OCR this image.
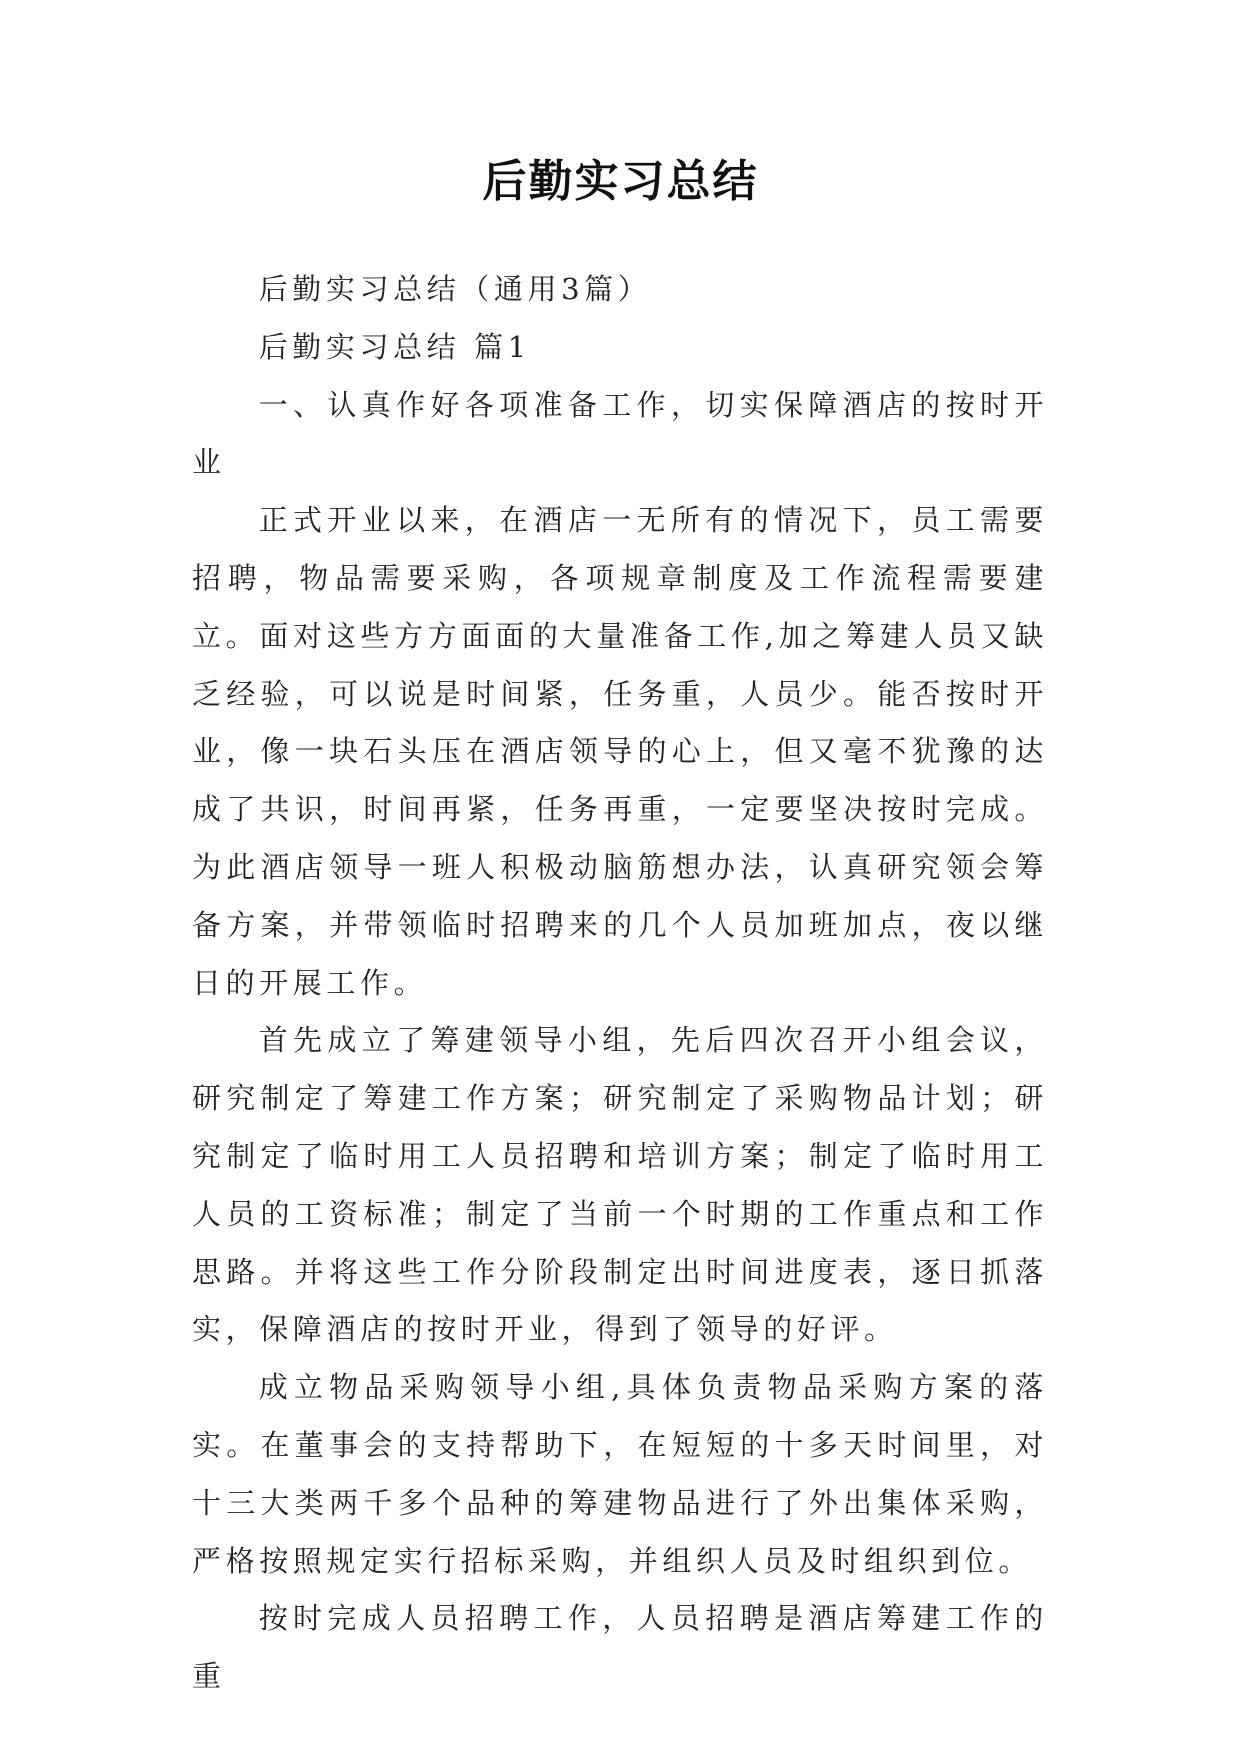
后勤实习总结

后勤实习总结（通用3篇）

后勤实习总结 篇1

一、认真作好各项准备工作，切实保障酒店的按时开业

正式开业以来，在酒店一无所有的情况下，员工需要招聘，物品需要采购，各项规章制度及工作流程需要建立。面对这些方方面面的大量准备工作,加之筹建人员又缺乏经验，可以说是时间紧，任务重，人员少。能否按时开业，像一块石头压在酒店领导的心上，但又毫不犹豫的达成了共识，时间再紧，任务再重，一定要坚决按时完成。为此酒店领导一班人积极动脑筋想办法，认真研究领会筹备方案，并带领临时招聘来的几个人员加班加点，夜以继日的开展工作。

首先成立了筹建领导小组，先后四次召开小组会议，研究制定了筹建工作方案；研究制定了采购物品计划；研究制定了临时用工人员招聘和培训方案；制定了临时用工人员的工资标准；制定了当前一个时期的工作重点和工作思路。并将这些工作分阶段制定出时间进度表，逐日抓落实，保障酒店的按时开业，得到了领导的好评。

成立物品采购领导小组,具体负责物品采购方案的落实。在董事会的支持帮助下，在短短的十多天时间里，对十三大类两千多个品种的筹建物品进行了外出集体采购，严格按照规定实行招标采购，并组织人员及时组织到位。

按时完成人员招聘工作，人员招聘是酒店筹建工作的重
